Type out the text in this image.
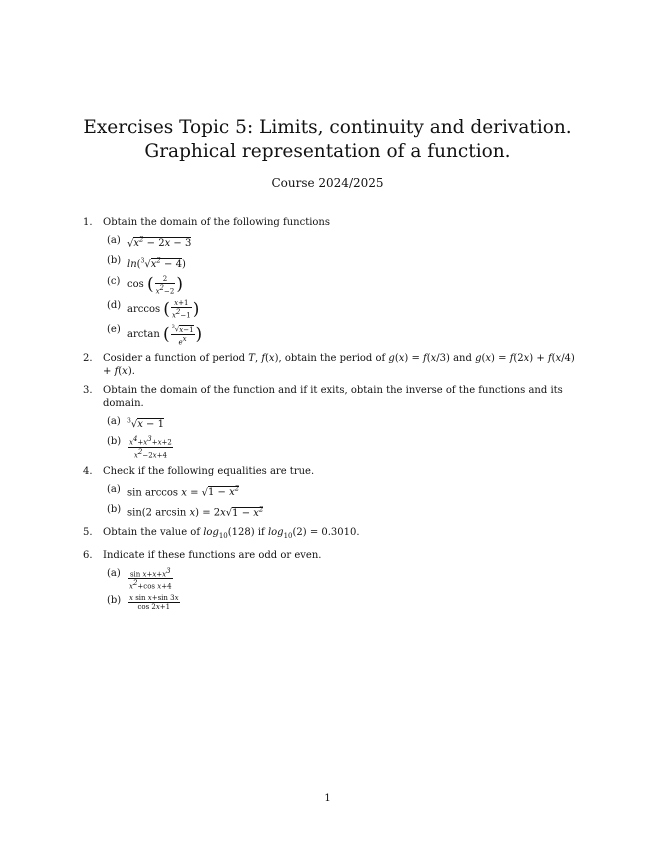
Exercises Topic 5: Limits, continuity and derivation. Graphical representation of a function.
Course 2024/2025
1. Obtain the domain of the following functions
(a) $√x^2 - 2x - 3$
(b) $\ln(^3√x^2 - 4)$
(c) cos ( $\frac{2}{x^2-2}$ )
(d) arccos ( $\frac{x+1}{x^2-1}$ )
(e) arctan ( $\frac{^3√x-1}{e^x}$ )
2. Cosider a function of period T, f(x), obtain the period of g(x) = f(x/3) and g(x) = f(2x) + f(x/4) + f(x).
3. Obtain the domain of the function and if it exits, obtain the inverse of the functions and its domain.
(a) $^3$√x − 1
$(b) \frac{x^4+x^3+x+2}{x^2-2x+4}$
4. Check if the following equalities are true.
(a) $\sin \arccos x = √1 - x^2$
(b) sin(2 $\arcsin x) = 2x√1 - x^2$
5. Obtain the value of $\log_{10}(128)$ if $\log_{10}(2) = 0.3010$.
6. Indicate if these functions are odd or even.
$(a) \frac{\sin x+x+x^3}{x^2+\cos x+4}$
$(b) \frac{\text{x sin x+sin 3x}}{\cos 2x+1}$
1
